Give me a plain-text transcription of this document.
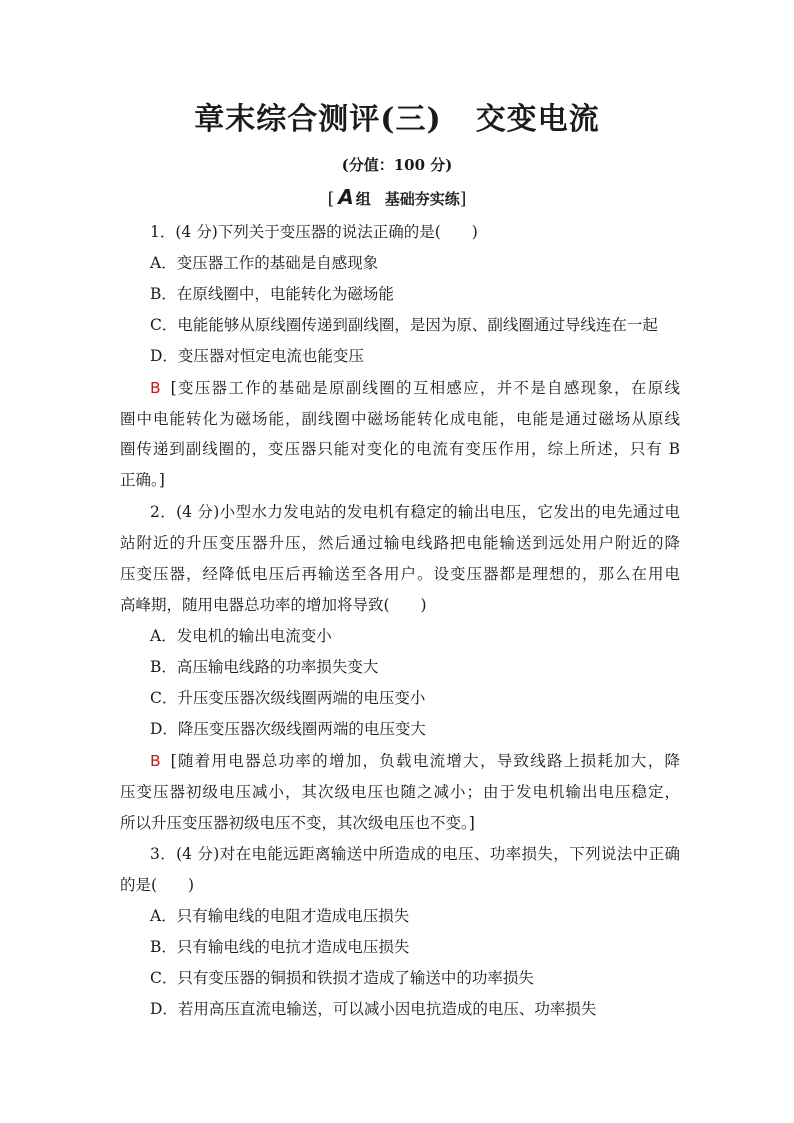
章末综合测评(三) 交变电流
(分值：100 分)
[ A 组 基础夯实练]
1．(4 分)下列关于变压器的说法正确的是(　　)
A．变压器工作的基础是自感现象
B．在原线圈中，电能转化为磁场能
C．电能能够从原线圈传递到副线圈，是因为原、副线圈通过导线连在一起
D．变压器对恒定电流也能变压
B [变压器工作的基础是原副线圈的互相感应，并不是自感现象，在原线
圈中电能转化为磁场能，副线圈中磁场能转化成电能，电能是通过磁场从原线
圈传递到副线圈的，变压器只能对变化的电流有变压作用，综上所述，只有 B
正确。]
2．(4 分)小型水力发电站的发电机有稳定的输出电压，它发出的电先通过电
站附近的升压变压器升压，然后通过输电线路把电能输送到远处用户附近的降
压变压器，经降低电压后再输送至各用户。设变压器都是理想的，那么在用电
高峰期，随用电器总功率的增加将导致(　　)
A．发电机的输出电流变小
B．高压输电线路的功率损失变大
C．升压变压器次级线圈两端的电压变小
D．降压变压器次级线圈两端的电压变大
B [随着用电器总功率的增加，负载电流增大，导致线路上损耗加大，降
压变压器初级电压减小，其次级电压也随之减小；由于发电机输出电压稳定，
所以升压变压器初级电压不变，其次级电压也不变。]
3．(4 分)对在电能远距离输送中所造成的电压、功率损失，下列说法中正确
的是(　　)
A．只有输电线的电阻才造成电压损失
B．只有输电线的电抗才造成电压损失
C．只有变压器的铜损和铁损才造成了输送中的功率损失
D．若用高压直流电输送，可以减小因电抗造成的电压、功率损失
